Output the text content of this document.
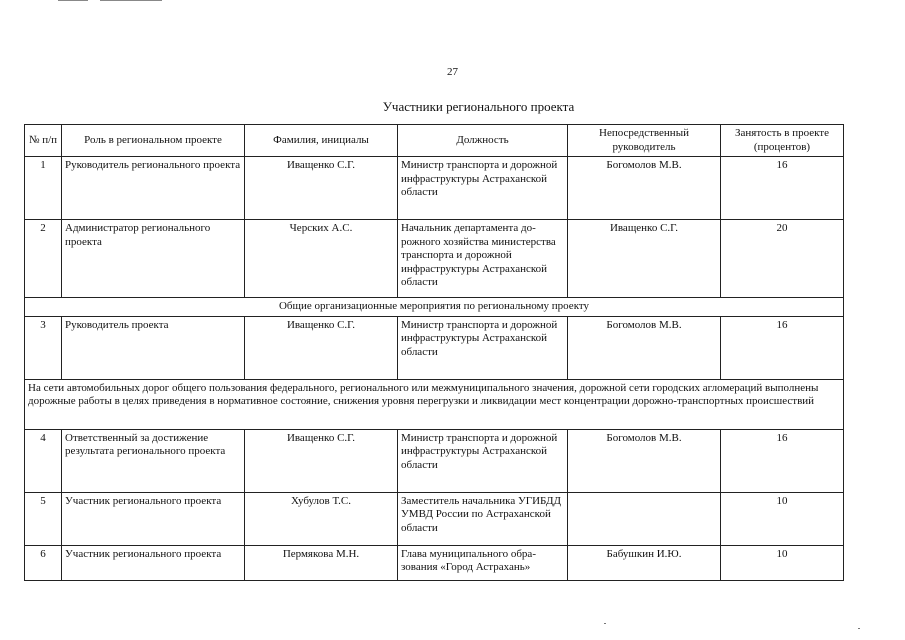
27
Участники регионального проекта
№ п/п	Роль в региональном проекте	Фамилия, инициалы	Должность	Непосредственный руководитель	Занятость в проекте (процентов)
1	Руководитель регионального проекта	Иващенко С.Г.	Министр транспорта и дорожной инфраструктуры Астраханской области	Богомолов М.В.	16
2	Администратор регионального проекта	Черских А.С.	Начальник департамента дорожного хозяйства министерства транспорта и дорожной инфраструктуры Астраханской области	Иващенко С.Г.	20
Общие организационные мероприятия по региональному проекту					
3	Руководитель проекта	Иващенко С.Г.	Министр транспорта и дорожной инфраструктуры Астраханской области	Богомолов М.В.	16
На сети автомобильных дорог общего пользования федерального, регионального или межмуниципального значения, дорожной сети городских агломераций выполнены дорожные работы в целях приведения в нормативное состояние, снижения уровня перегрузки и ликвидации мест концентрации дорожно-транспортных происшествий					
4	Ответственный за достижение результата регионального проекта	Иващенко С.Г.	Министр транспорта и дорожной инфраструктуры Астраханской области	Богомолов М.В.	16
5	Участник регионального проекта	Хубулов Т.С.	Заместитель начальника УГИБДД УМВД России по Астраханской области		10
6	Участник регионального проекта	Пермякова М.Н.	Глава муниципального образования «Город Астрахань»	Бабушкин И.Ю.	10
